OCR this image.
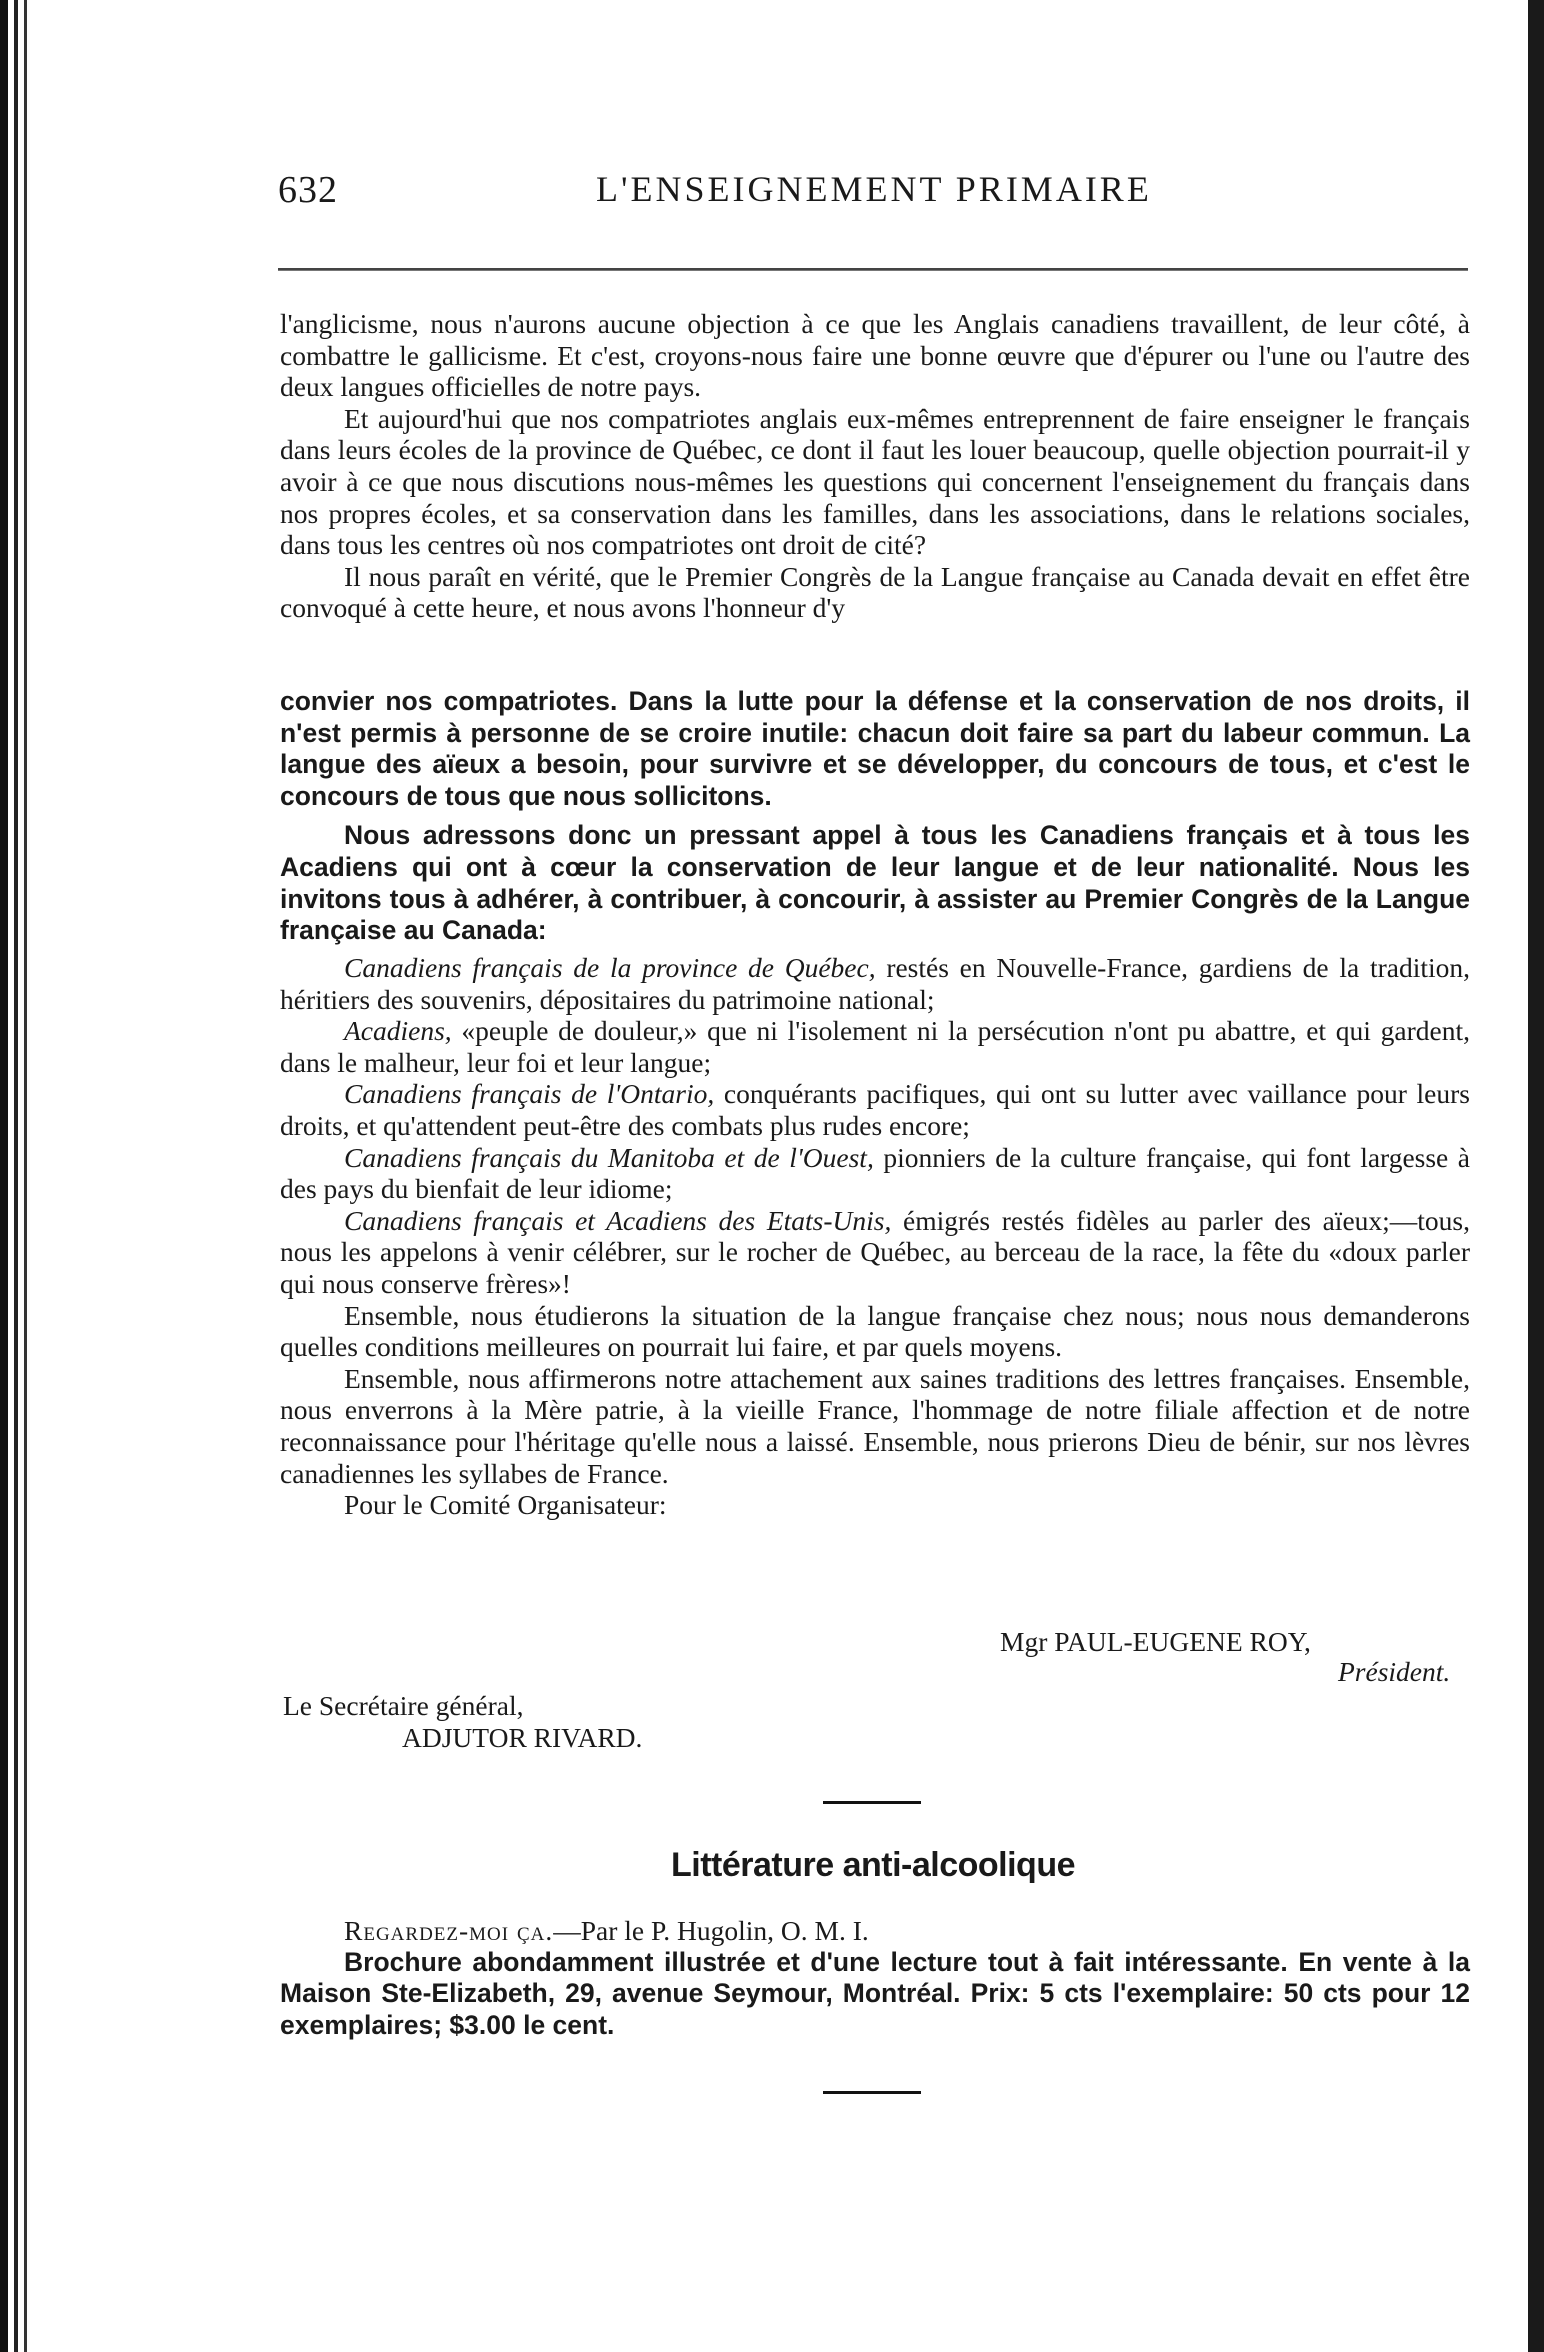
632	L'ENSEIGNEMENT PRIMAIRE

l'anglicisme, nous n'aurons aucune objection à ce que les Anglais canadiens travaillent, de leur côté, à combattre le gallicisme. Et c'est, croyons-nous faire une bonne œuvre que d'épurer ou l'une ou l'autre des deux langues officielles de notre pays.

Et aujourd'hui que nos compatriotes anglais eux-mêmes entreprennent de faire enseigner le français dans leurs écoles de la province de Québec, ce dont il faut les louer beaucoup, quelle objection pourrait-il y avoir à ce que nous discutions nous-mêmes les questions qui concernent l'enseignement du français dans nos propres écoles, et sa conservation dans les familles, dans les associations, dans le relations sociales, dans tous les centres où nos compatriotes ont droit de cité?

Il nous paraît en vérité, que le Premier Congrès de la Langue française au Canada devait en effet être convoqué à cette heure, et nous avons l'honneur d'y

convier nos compatriotes. Dans la lutte pour la défense et la conservation de nos droits, il n'est permis à personne de se croire inutile: chacun doit faire sa part du labeur commun. La langue des aïeux a besoin, pour survivre et se développer, du concours de tous, et c'est le concours de tous que nous sollicitons.

Nous adressons donc un pressant appel à tous les Canadiens français et à tous les Acadiens qui ont à cœur la conservation de leur langue et de leur nationalité. Nous les invitons tous à adhérer, à contribuer, à concourir, à assister au Premier Congrès de la Langue française au Canada:

Canadiens français de la province de Québec, restés en Nouvelle-France, gardiens de la tradition, héritiers des souvenirs, dépositaires du patrimoine national;

Acadiens, «peuple de douleur,» que ni l'isolement ni la persécution n'ont pu abattre, et qui gardent, dans le malheur, leur foi et leur langue;

Canadiens français de l'Ontario, conquérants pacifiques, qui ont su lutter avec vaillance pour leurs droits, et qu'attendent peut-être des combats plus rudes encore;

Canadiens français du Manitoba et de l'Ouest, pionniers de la culture française, qui font largesse à des pays du bienfait de leur idiome;

Canadiens français et Acadiens des Etats-Unis, émigrés restés fidèles au parler des aïeux;—tous, nous les appelons à venir célébrer, sur le rocher de Québec, au berceau de la race, la fête du «doux parler qui nous conserve frères»!

Ensemble, nous étudierons la situation de la langue française chez nous; nous nous demanderons quelles conditions meilleures on pourrait lui faire, et par quels moyens.

Ensemble, nous affirmerons notre attachement aux saines traditions des lettres françaises. Ensemble, nous enverrons à la Mère patrie, à la vieille France, l'hommage de notre filiale affection et de notre reconnaissance pour l'héritage qu'elle nous a laissé. Ensemble, nous prierons Dieu de bénir, sur nos lèvres canadiennes les syllabes de France.

Pour le Comité Organisateur:

Mgr PAUL-EUGENE ROY,
Président.
Le Secrétaire général,
ADJUTOR RIVARD.
Littérature anti-alcoolique

Regardez-moi ça.—Par le P. Hugolin, O. M. I.

Brochure abondamment illustrée et d'une lecture tout à fait intéressante. En vente à la Maison Ste-Elizabeth, 29, avenue Seymour, Montréal. Prix: 5 cts l'exemplaire: 50 cts pour 12 exemplaires; $3.00 le cent.
